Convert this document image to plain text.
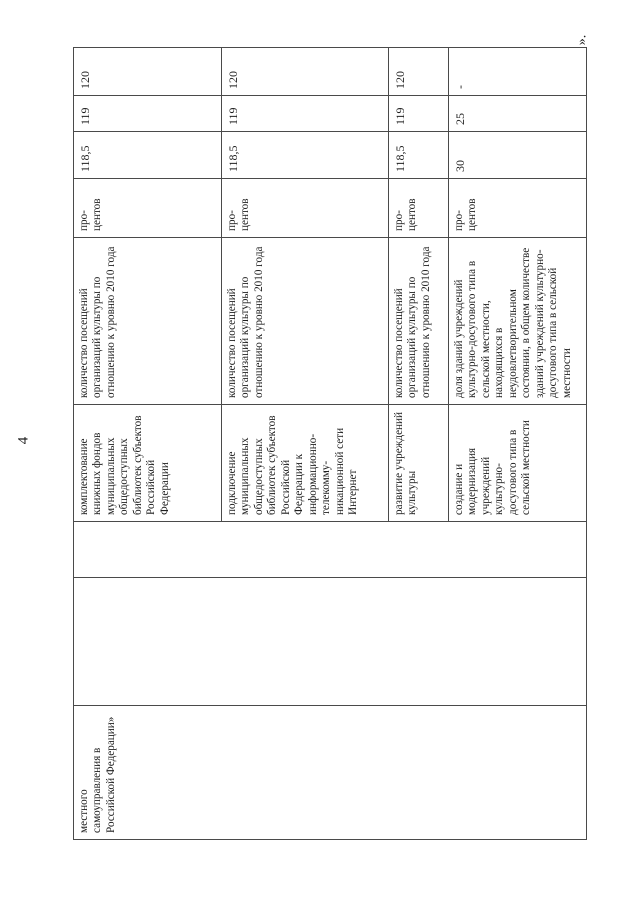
4
».
местного самоуправления в Российской Федерации»			комплектование книжных фондов муниципальных общедоступных библиотек субъектов Российской Федерации	количество посещений организаций культуры по отношению к уровню 2010 года	про-центов	118,5	119	120
			подключение муниципальных общедоступных библиотек субъектов Российской Федерации к информационно-телекомму-никационной сети Интернет	количество посещений организаций культуры по отношению к уровню 2010 года	про-центов	118,5	119	120
			развитие учреждений культуры	количество посещений организаций культуры по отношению к уровню 2010 года	про-центов	118,5	119	120
			создание и модернизация учреждений культурно-досугового типа в сельской местности	доля зданий учреждений культурно-досугового типа в сельской местности, находящихся в неудовлетворительном состоянии, в общем количестве зданий учреждений культурно-досугового типа в сельской местности	про-центов	30	25	-
